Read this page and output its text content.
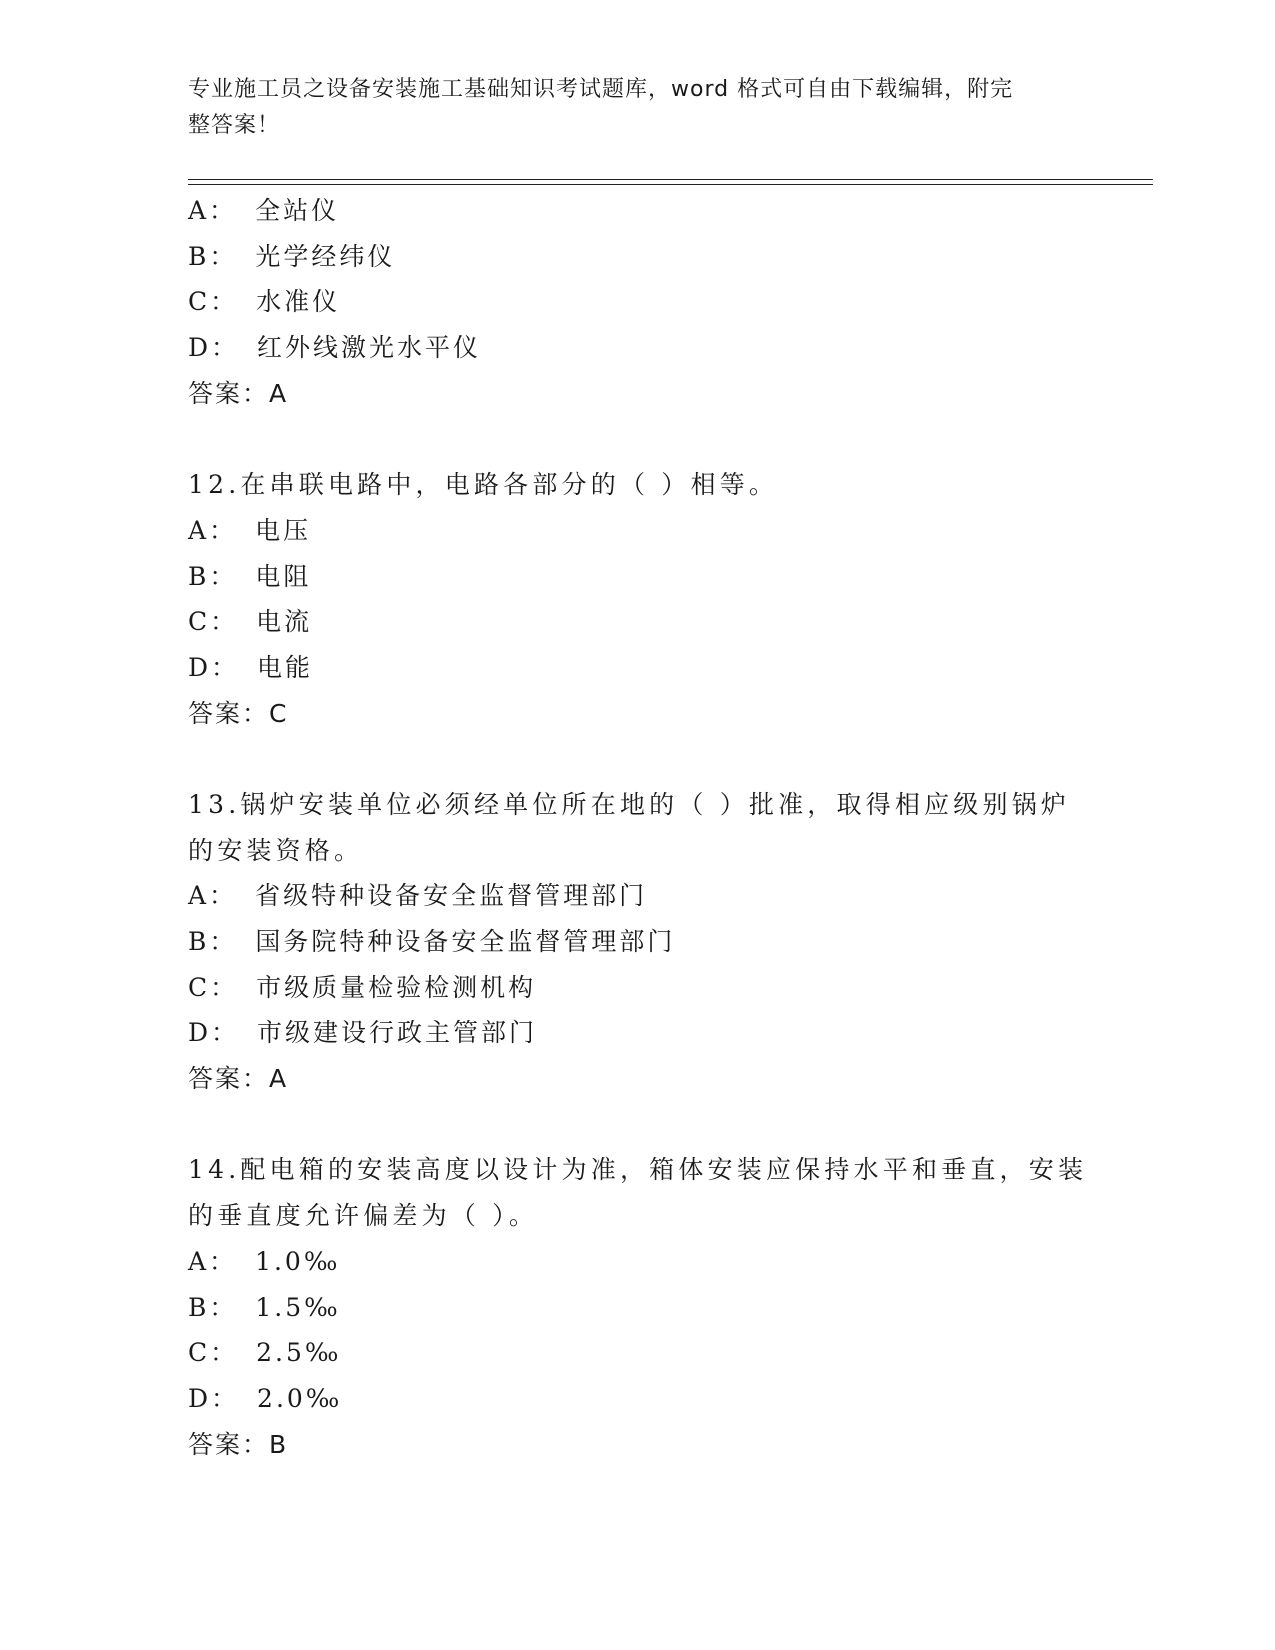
专业施工员之设备安装施工基础知识考试题库，word 格式可自由下载编辑，附完
整答案！
A： 全站仪
B： 光学经纬仪
C： 水准仪
D： 红外线激光水平仪
答案：A
12.在串联电路中，电路各部分的（ ）相等。
A： 电压
B： 电阻
C： 电流
D： 电能
答案：C
13.锅炉安装单位必须经单位所在地的（ ）批准，取得相应级别锅炉
的安装资格。
A： 省级特种设备安全监督管理部门
B： 国务院特种设备安全监督管理部门
C： 市级质量检验检测机构
D： 市级建设行政主管部门
答案：A
14.配电箱的安装高度以设计为准，箱体安装应保持水平和垂直，安装
的垂直度允许偏差为（ ）。
A： 1.0‰
B： 1.5‰
C： 2.5‰
D： 2.0‰
答案：B
